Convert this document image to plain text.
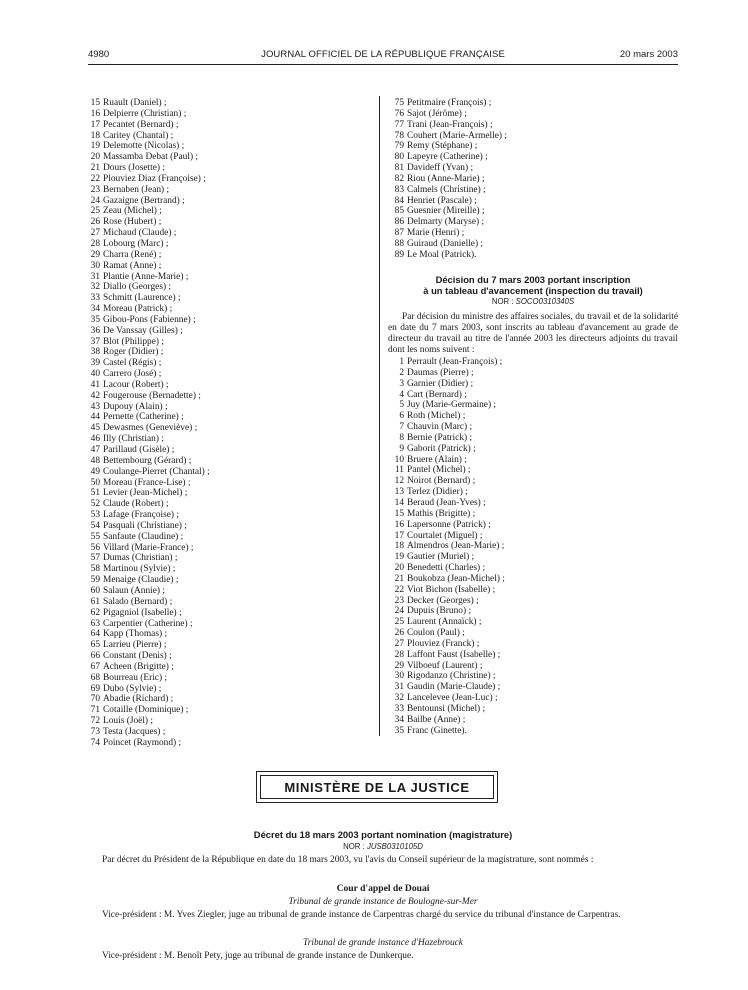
4980	JOURNAL OFFICIEL DE LA RÉPUBLIQUE FRANÇAISE	20 mars 2003
15 Ruault (Daniel) ;
16 Delpierre (Christian) ;
17 Pecantet (Bernard) ;
18 Caritey (Chantal) ;
19 Delemotte (Nicolas) ;
20 Massamba Debat (Paul) ;
21 Dours (Josette) ;
22 Plouviez Diaz (Françoise) ;
23 Bernaben (Jean) ;
24 Gazaigne (Bertrand) ;
25 Zeau (Michel) ;
26 Rose (Hubert) ;
27 Michaud (Claude) ;
28 Lobourg (Marc) ;
29 Charra (René) ;
30 Ramat (Anne) ;
31 Plantie (Anne-Marie) ;
32 Diallo (Georges) ;
33 Schmitt (Laurence) ;
34 Moreau (Patrick) ;
35 Gibou-Pons (Fabienne) ;
36 De Vanssay (Gilles) ;
37 Blot (Philippe) ;
38 Roger (Didier) ;
39 Castel (Régis) ;
40 Carrero (José) ;
41 Lacour (Robert) ;
42 Fougerouse (Bernadette) ;
43 Dupouy (Alain) ;
44 Pernette (Catherine) ;
45 Dewasmes (Geneviève) ;
46 Illy (Christian) ;
47 Parillaud (Gisèle) ;
48 Bettembourg (Gérard) ;
49 Coulange-Pierret (Chantal) ;
50 Moreau (France-Lise) ;
51 Levier (Jean-Michel) ;
52 Claude (Robert) ;
53 Lafage (Françoise) ;
54 Pasquali (Christiane) ;
55 Sanfaute (Claudine) ;
56 Villard (Marie-France) ;
57 Dumas (Christian) ;
58 Martinou (Sylvie) ;
59 Menaige (Claudie) ;
60 Salaun (Annie) ;
61 Salado (Bernard) ;
62 Pigagniol (Isabelle) ;
63 Carpentier (Catherine) ;
64 Kapp (Thomas) ;
65 Larrieu (Pierre) ;
66 Constant (Denis) ;
67 Acheen (Brigitte) ;
68 Bourreau (Eric) ;
69 Dubo (Sylvie) ;
70 Abadie (Richard) ;
71 Cotaille (Dominique) ;
72 Louis (Joël) ;
73 Testa (Jacques) ;
74 Poincet (Raymond) ;
75 Petitmaire (François) ;
76 Sajot (Jérôme) ;
77 Trani (Jean-François) ;
78 Couhert (Marie-Armelle) ;
79 Remy (Stéphane) ;
80 Lapeyre (Catherine) ;
81 Davideff (Yvan) ;
82 Riou (Anne-Marie) ;
83 Calmels (Christine) ;
84 Henriet (Pascale) ;
85 Guesnier (Mireille) ;
86 Delmarty (Maryse) ;
87 Marie (Henri) ;
88 Guiraud (Danielle) ;
89 Le Moal (Patrick).
Décision du 7 mars 2003 portant inscription
à un tableau d'avancement (inspection du travail)
NOR : SOCO0310340S

Par décision du ministre des affaires sociales, du travail et de la solidarité en date du 7 mars 2003, sont inscrits au tableau d'avancement au grade de directeur du travail au titre de l'année 2003 les directeurs adjoints du travail dont les noms suivent :

1 Perrault (Jean-François) ;
2 Daumas (Pierre) ;
3 Garnier (Didier) ;
4 Cart (Bernard) ;
5 Juy (Marie-Germaine) ;
6 Roth (Michel) ;
7 Chauvin (Marc) ;
8 Bernie (Patrick) ;
9 Gaborit (Patrick) ;
10 Bruere (Alain) ;
11 Pantel (Michel) ;
12 Noirot (Bernard) ;
13 Terlez (Didier) ;
14 Beraud (Jean-Yves) ;
15 Mathis (Brigitte) ;
16 Lapersonne (Patrick) ;
17 Courtalet (Miguel) ;
18 Almendros (Jean-Marie) ;
19 Gautier (Muriel) ;
20 Benedetti (Charles) ;
21 Boukobza (Jean-Michel) ;
22 Viot Bichon (Isabelle) ;
23 Decker (Georges) ;
24 Dupuis (Bruno) ;
25 Laurent (Annaïck) ;
26 Coulon (Paul) ;
27 Plouviez (Franck) ;
28 Laffont Faust (Isabelle) ;
29 Vilboeuf (Laurent) ;
30 Rigodanzo (Christine) ;
31 Gaudin (Marie-Claude) ;
32 Lancelevee (Jean-Luc) ;
33 Bentounsi (Michel) ;
34 Bailbe (Anne) ;
35 Franc (Ginette).
MINISTÈRE DE LA JUSTICE
Décret du 18 mars 2003 portant nomination (magistrature)
NOR : JUSB0310105D

Par décret du Président de la République en date du 18 mars 2003, vu l'avis du Conseil supérieur de la magistrature, sont nommés :

Cour d'appel de Douai
Tribunal de grande instance de Boulogne-sur-Mer

Vice-président : M. Yves Ziegler, juge au tribunal de grande instance de Carpentras chargé du service du tribunal d'instance de Carpentras.

Tribunal de grande instance d'Hazebrouck

Vice-président : M. Benoît Pety, juge au tribunal de grande instance de Dunkerque.
